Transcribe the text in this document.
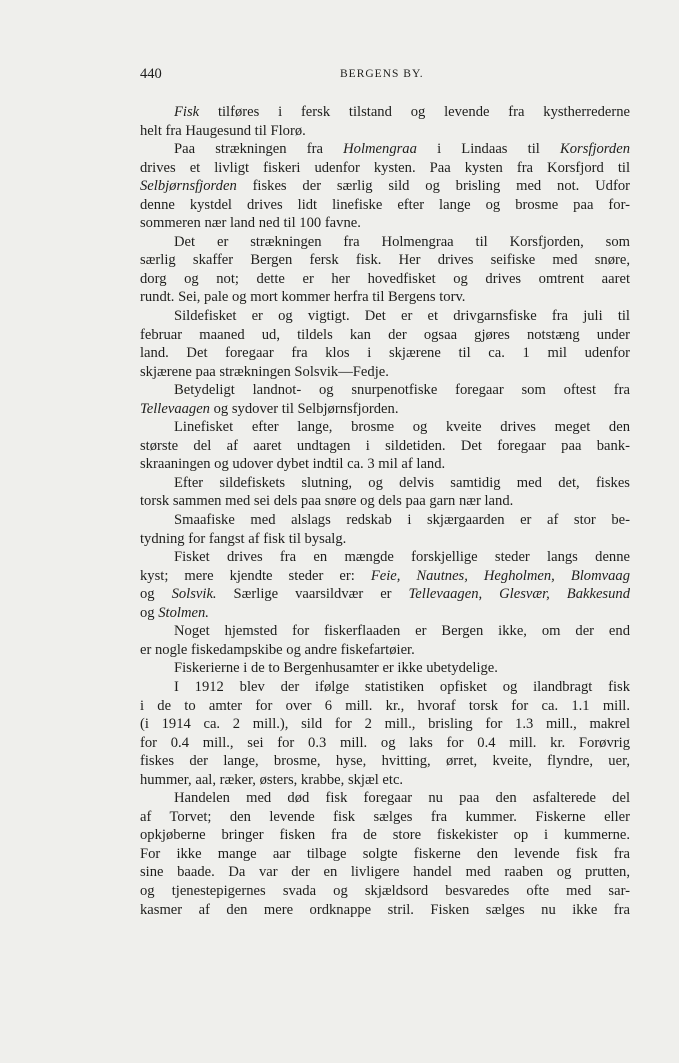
440	BERGENS BY.
Fisk tilføres i fersk tilstand og levende fra kystherrederne
helt fra Haugesund til Florø.
Paa strækningen fra Holmengraa i Lindaas til Korsfjorden
drives et livligt fiskeri udenfor kysten. Paa kysten fra Korsfjord til
Selbjørnsfjorden fiskes der særlig sild og brisling med not. Udfor
denne kystdel drives lidt linefiske efter lange og brosme paa for-
sommeren nær land ned til 100 favne.
Det er strækningen fra Holmengraa til Korsfjorden, som
særlig skaffer Bergen fersk fisk. Her drives seifiske med snøre,
dorg og not; dette er her hovedfisket og drives omtrent aaret
rundt. Sei, pale og mort kommer herfra til Bergens torv.
Sildefisket er og vigtigt. Det er et drivgarnsfiske fra juli til
februar maaned ud, tildels kan der ogsaa gjøres notstæng under
land. Det foregaar fra klos i skjærene til ca. 1 mil udenfor
skjærene paa strækningen Solsvik—Fedje.
Betydeligt landnot- og snurpenotfiske foregaar som oftest fra
Tellevaagen og sydover til Selbjørnsfjorden.
Linefisket efter lange, brosme og kveite drives meget den
største del af aaret undtagen i sildetiden. Det foregaar paa bank-
skraaningen og udover dybet indtil ca. 3 mil af land.
Efter sildefiskets slutning, og delvis samtidig med det, fiskes
torsk sammen med sei dels paa snøre og dels paa garn nær land.
Smaafiske med alslags redskab i skjærgaarden er af stor be-
tydning for fangst af fisk til bysalg.
Fisket drives fra en mængde forskjellige steder langs denne
kyst; mere kjendte steder er: Feie, Nautnes, Hegholmen, Blomvaag
og Solsvik. Særlige vaarsildvær er Tellevaagen, Glesvær, Bakkesund
og Stolmen.
Noget hjemsted for fiskerflaaden er Bergen ikke, om der end
er nogle fiskedampskibe og andre fiskefartøier.
Fiskerierne i de to Bergenhusamter er ikke ubetydelige.
I 1912 blev der ifølge statistiken opfisket og ilandbragt fisk
i de to amter for over 6 mill. kr., hvoraf torsk for ca. 1.1 mill.
(i 1914 ca. 2 mill.), sild for 2 mill., brisling for 1.3 mill., makrel
for 0.4 mill., sei for 0.3 mill. og laks for 0.4 mill. kr. Forøvrig
fiskes der lange, brosme, hyse, hvitting, ørret, kveite, flyndre, uer,
hummer, aal, ræker, østers, krabbe, skjæl etc.
Handelen med død fisk foregaar nu paa den asfalterede del
af Torvet; den levende fisk sælges fra kummer. Fiskerne eller
opkjøberne bringer fisken fra de store fiskekister op i kummerne.
For ikke mange aar tilbage solgte fiskerne den levende fisk fra
sine baade. Da var der en livligere handel med raaben og prutten,
og tjenestepigernes svada og skjældsord besvaredes ofte med sar-
kasmer af den mere ordknappe stril. Fisken sælges nu ikke fra
